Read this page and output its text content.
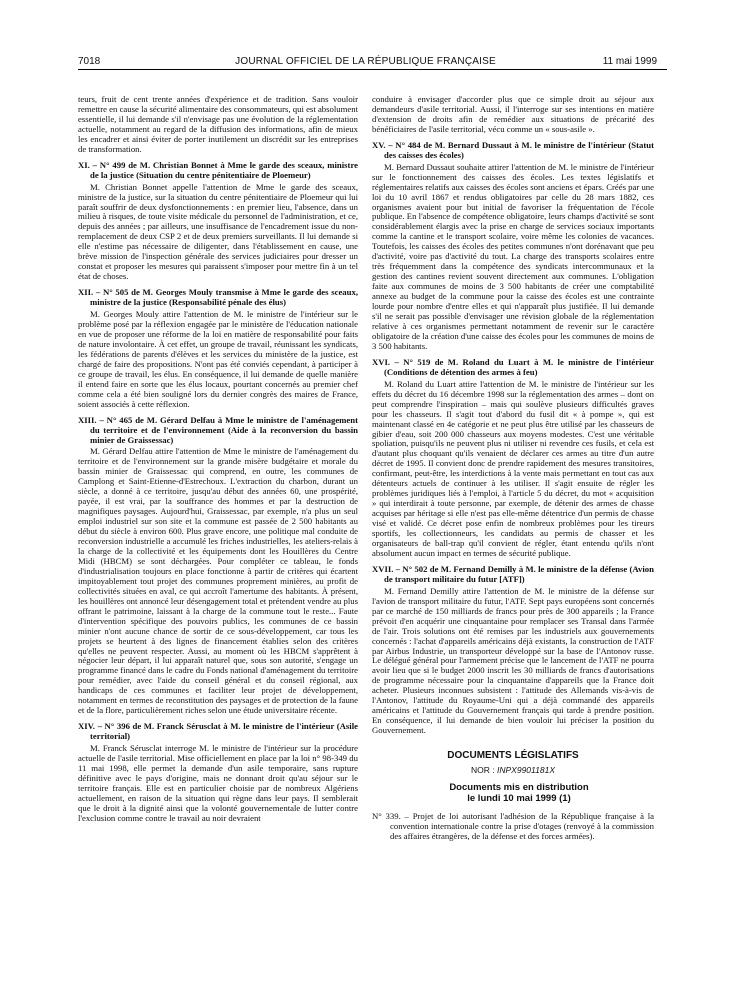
7018	JOURNAL OFFICIEL DE LA RÉPUBLIQUE FRANÇAISE	11 mai 1999

teurs, fruit de cent trente années d'expérience et de tradition. Sans vouloir remettre en cause la sécurité alimentaire des consommateurs, qui est absolument essentielle, il lui demande s'il n'envisage pas une évolution de la réglementation actuelle, notamment au regard de la diffusion des informations, afin de mieux les encadrer et ainsi éviter de porter inutilement un discrédit sur les entreprises de transformation.

XI. – N° 499 de M. Christian Bonnet à Mme le garde des sceaux, ministre de la justice (Situation du centre pénitentiaire de Ploemeur)

M. Christian Bonnet appelle l'attention de Mme le garde des sceaux, ministre de la justice, sur la situation du centre pénitentiaire de Ploemeur qui lui paraît souffrir de deux dysfonctionnements : en premier lieu, l'absence, dans un milieu à risques, de toute visite médicale du personnel de l'administration, et ce, depuis des années ; par ailleurs, une insuffisance de l'encadrement issue du non-remplacement de deux CSP 2 et de deux premiers surveillants. Il lui demande si elle n'estime pas nécessaire de diligenter, dans l'établissement en cause, une brève mission de l'inspection générale des services judiciaires pour dresser un constat et proposer les mesures qui paraissent s'imposer pour mettre fin à un tel état de choses.

XII. – N° 505 de M. Georges Mouly transmise à Mme le garde des sceaux, ministre de la justice (Responsabilité pénale des élus)

M. Georges Mouly attire l'attention de M. le ministre de l'intérieur sur le problème posé par la réflexion engagée par le ministère de l'éducation nationale en vue de proposer une réforme de la loi en matière de responsabilité pour faits de nature involontaire. À cet effet, un groupe de travail, réunissant les syndicats, les fédérations de parents d'élèves et les services du ministère de la justice, est chargé de faire des propositions. N'ont pas été conviés cependant, à participer à ce groupe de travail, les élus. En conséquence, il lui demande de quelle manière il entend faire en sorte que les élus locaux, pourtant concernés au premier chef comme cela a été bien souligné lors du dernier congrès des maires de France, soient associés à cette réflexion.

XIII. – N° 465 de M. Gérard Delfau à Mme le ministre de l'aménagement du territoire et de l'environnement (Aide à la reconversion du bassin minier de Graissessac)

M. Gérard Delfau attire l'attention de Mme le ministre de l'aménagement du territoire et de l'environnement sur la grande misère budgétaire et morale du bassin minier de Graissessac qui comprend, en outre, les communes de Camplong et Saint-Etienne-d'Estrechoux. L'extraction du charbon, durant un siècle, a donné à ce territoire, jusqu'au début des années 60, une prospérité, payée, il est vrai, par la souffrance des hommes et par la destruction de magnifiques paysages. Aujourd'hui, Graissessac, par exemple, n'a plus un seul emploi industriel sur son site et la commune est passée de 2 500 habitants au début du siècle à environ 600. Plus grave encore, une politique mal conduite de reconversion industrielle a accumulé les friches industrielles, les ateliers-relais à la charge de la collectivité et les équipements dont les Houillères du Centre Midi (HBCM) se sont déchargées. Pour compléter ce tableau, le fonds d'industrialisation toujours en place fonctionne à partir de critères qui écartent impitoyablement tout projet des communes proprement minières, au profit de collectivités situées en aval, ce qui accroît l'amertume des habitants. À présent, les houillères ont annoncé leur désengagement total et prétendent vendre au plus offrant le patrimoine, laissant à la charge de la commune tout le reste... Faute d'intervention spécifique des pouvoirs publics, les communes de ce bassin minier n'ont aucune chance de sortir de ce sous-développement, car tous les projets se heurtent à des lignes de financement établies selon des critères qu'elles ne peuvent respecter. Aussi, au moment où les HBCM s'apprêtent à négocier leur départ, il lui apparaît naturel que, sous son autorité, s'engage un programme financé dans le cadre du Fonds national d'aménagement du territoire pour remédier, avec l'aide du conseil général et du conseil régional, aux handicaps de ces communes et faciliter leur projet de développement, notamment en termes de reconstitution des paysages et de protection de la faune et de la flore, particulièrement riches selon une étude universitaire récente.

XIV. – N° 396 de M. Franck Sérusclat à M. le ministre de l'intérieur (Asile territorial)

M. Franck Sérusclat interroge M. le ministre de l'intérieur sur la procédure actuelle de l'asile territorial. Mise officiellement en place par la loi n° 98-349 du 11 mai 1998, elle permet la demande d'un asile temporaire, sans rupture définitive avec le pays d'origine, mais ne donnant droit qu'au séjour sur le territoire français. Elle est en particulier choisie par de nombreux Algériens actuellement, en raison de la situation qui règne dans leur pays. Il semblerait que le droit à la dignité ainsi que la volonté gouvernementale de lutter contre l'exclusion comme contre le travail au noir devraient

conduire à envisager d'accorder plus que ce simple droit au séjour aux demandeurs d'asile territorial. Aussi, il l'interroge sur ses intentions en matière d'extension de droits afin de remédier aux situations de précarité des bénéficiaires de l'asile territorial, vécu comme un « sous-asile ».

XV. – N° 484 de M. Bernard Dussaut à M. le ministre de l'intérieur (Statut des caisses des écoles)

M. Bernard Dussaut souhaite attirer l'attention de M. le ministre de l'intérieur sur le fonctionnement des caisses des écoles. Les textes législatifs et réglementaires relatifs aux caisses des écoles sont anciens et épars. Créés par une loi du 10 avril 1867 et rendus obligatoires par celle du 28 mars 1882, ces organismes avaient pour but initial de favoriser la fréquentation de l'école publique. En l'absence de compétence obligatoire, leurs champs d'activité se sont considérablement élargis avec la prise en charge de services sociaux importants comme la cantine et le transport scolaire, voire même les colonies de vacances. Toutefois, les caisses des écoles des petites communes n'ont dorénavant que peu d'activité, voire pas d'activité du tout. La charge des transports scolaires entre très fréquemment dans la compétence des syndicats intercommunaux et la gestion des cantines revient souvent directement aux communes. L'obligation faite aux communes de moins de 3 500 habitants de créer une comptabilité annexe au budget de la commune pour la caisse des écoles est une contrainte lourde pour nombre d'entre elles et qui n'apparaît plus justifiée. Il lui demande s'il ne serait pas possible d'envisager une révision globale de la réglementation relative à ces organismes permettant notamment de revenir sur le caractère obligatoire de la création d'une caisse des écoles pour les communes de moins de 3 500 habitants.

XVI. – N° 519 de M. Roland du Luart à M. le ministre de l'intérieur (Conditions de détention des armes à feu)

M. Roland du Luart attire l'attention de M. le ministre de l'intérieur sur les effets du décret du 16 décembre 1998 sur la réglementation des armes – dont on peut comprendre l'inspiration – mais qui soulève plusieurs difficultés graves pour les chasseurs. Il s'agit tout d'abord du fusil dit « à pompe », qui est maintenant classé en 4e catégorie et ne peut plus être utilisé par les chasseurs de gibier d'eau, soit 200 000 chasseurs aux moyens modestes. C'est une véritable spoliation, puisqu'ils ne peuvent plus ni utiliser ni revendre ces fusils, et cela est d'autant plus choquant qu'ils venaient de déclarer ces armes au titre d'un autre décret de 1995. Il convient donc de prendre rapidement des mesures transitoires, confirmant, peut-être, les interdictions à la vente mais permettant en tout cas aux détenteurs actuels de continuer à les utiliser. Il s'agit ensuite de régler les problèmes juridiques liés à l'emploi, à l'article 5 du décret, du mot « acquisition » qui interdirait à toute personne, par exemple, de détenir des armes de chasse acquises par héritage si elle n'est pas elle-même détentrice d'un permis de chasse visé et validé. Ce décret pose enfin de nombreux problèmes pour les tireurs sportifs, les collectionneurs, les candidats au permis de chasser et les organisateurs de ball-trap qu'il convient de régler, étant entendu qu'ils n'ont absolument aucun impact en termes de sécurité publique.

XVII. – N° 502 de M. Fernand Demilly à M. le ministre de la défense (Avion de transport militaire du futur [ATF])

M. Fernand Demilly attire l'attention de M. le ministre de la défense sur l'avion de transport militaire du futur, l'ATF. Sept pays européens sont concernés par ce marché de 150 milliards de francs pour près de 300 appareils ; la France prévoit d'en acquérir une cinquantaine pour remplacer ses Transal dans l'armée de l'air. Trois solutions ont été remises par les industriels aux gouvernements concernés : l'achat d'appareils américains déjà existants, la construction de l'ATF par Airbus Industrie, un transporteur développé sur la base de l'Antonov russe. Le délégué général pour l'armement précise que le lancement de l'ATF ne pourra avoir lieu que si le budget 2000 inscrit les 30 milliards de francs d'autorisations de programme nécessaire pour la cinquantaine d'appareils que la France doit acheter. Plusieurs inconnues subsistent : l'attitude des Allemands vis-à-vis de l'Antonov, l'attitude du Royaume-Uni qui a déjà commandé des appareils américains et l'attitude du Gouvernement français qui tarde à prendre position. En conséquence, il lui demande de bien vouloir lui préciser la position du Gouvernement.

DOCUMENTS LÉGISLATIFS
NOR : INPX9901181X

Documents mis en distribution

le lundi 10 mai 1999 (1)

N° 339. – Projet de loi autorisant l'adhésion de la République française à la convention internationale contre la prise d'otages (renvoyé à la commission des affaires étrangères, de la défense et des forces armées).
